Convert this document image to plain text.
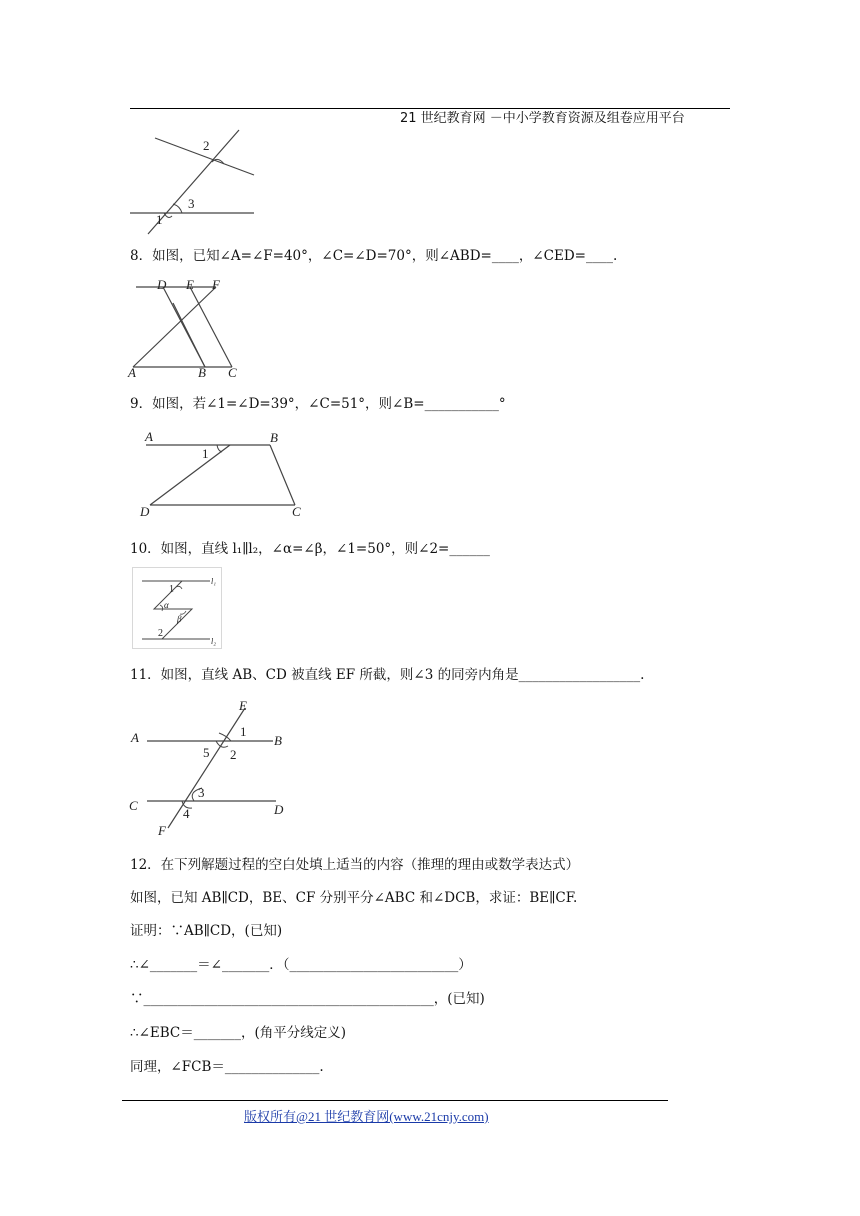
21 世纪教育网 －中小学教育资源及组卷应用平台
2
3
1
8．如图，已知∠A=∠F=40°，∠C=∠D=70°，则∠ABD=____，∠CED=____.
D E F
A	B C
9．如图，若∠1=∠D=39°，∠C=51°，则∠B=___________°
A	B
1
D	C
10．如图，直线 l₁∥l₂，∠α=∠β，∠1=50°，则∠2=______
1
α
β
2
l₁
l₂
11．如图，直线 AB、CD 被直线 EF 所截，则∠3 的同旁内角是__________________.
E
1
A	B
5 2
3
C	D
4
F
12．在下列解题过程的空白处填上适当的内容（推理的理由或数学表达式）
如图，已知 AB∥CD，BE、CF 分别平分∠ABC 和∠DCB，求证：BE∥CF.
证明：∵AB∥CD，(已知)
∴∠_______＝∠_______．（_________________________）
∵___________________________________________，(已知)
∴∠EBC＝_______，(角平分线定义)
同理，∠FCB＝______________.
版权所有@21 世纪教育网(www.21cnjy.com)
